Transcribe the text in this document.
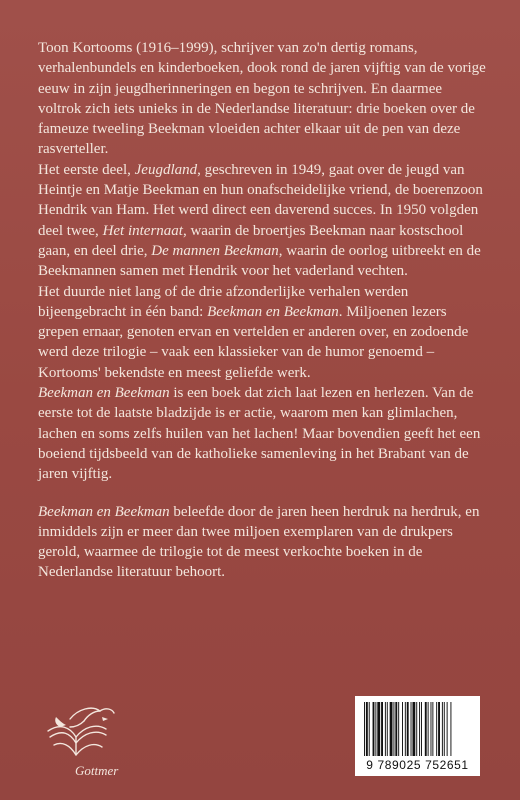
Toon Kortooms (1916–1999), schrijver van zo'n dertig romans, verhalenbundels en kinderboeken, dook rond de jaren vijftig van de vorige eeuw in zijn jeugdherinneringen en begon te schrijven. En daarmee voltrok zich iets unieks in de Nederlandse literatuur: drie boeken over de fameuze tweeling Beekman vloeiden achter elkaar uit de pen van deze rasverteller.

Het eerste deel, Jeugdland, geschreven in 1949, gaat over de jeugd van Heintje en Matje Beekman en hun onafscheidelijke vriend, de boerenzoon Hendrik van Ham. Het werd direct een daverend succes. In 1950 volgden deel twee, Het internaat, waarin de broertjes Beekman naar kostschool gaan, en deel drie, De mannen Beekman, waarin de oorlog uitbreekt en de Beekmannen samen met Hendrik voor het vaderland vechten.

Het duurde niet lang of de drie afzonderlijke verhalen werden bijeengebracht in één band: Beekman en Beekman. Miljoenen lezers grepen ernaar, genoten ervan en vertelden er anderen over, en zodoende werd deze trilogie – vaak een klassieker van de humor genoemd – Kortooms' bekendste en meest geliefde werk.

Beekman en Beekman is een boek dat zich laat lezen en herlezen. Van de eerste tot de laatste bladzijde is er actie, waarom men kan glimlachen, lachen en soms zelfs huilen van het lachen! Maar bovendien geeft het een boeiend tijdsbeeld van de katholieke samenleving in het Brabant van de jaren vijftig.

Beekman en Beekman beleefde door de jaren heen herdruk na herdruk, en inmiddels zijn er meer dan twee miljoen exemplaren van de drukpers gerold, waarmee de trilogie tot de meest verkochte boeken in de Nederlandse literatuur behoort.

Gottmer	9 789025 752651
